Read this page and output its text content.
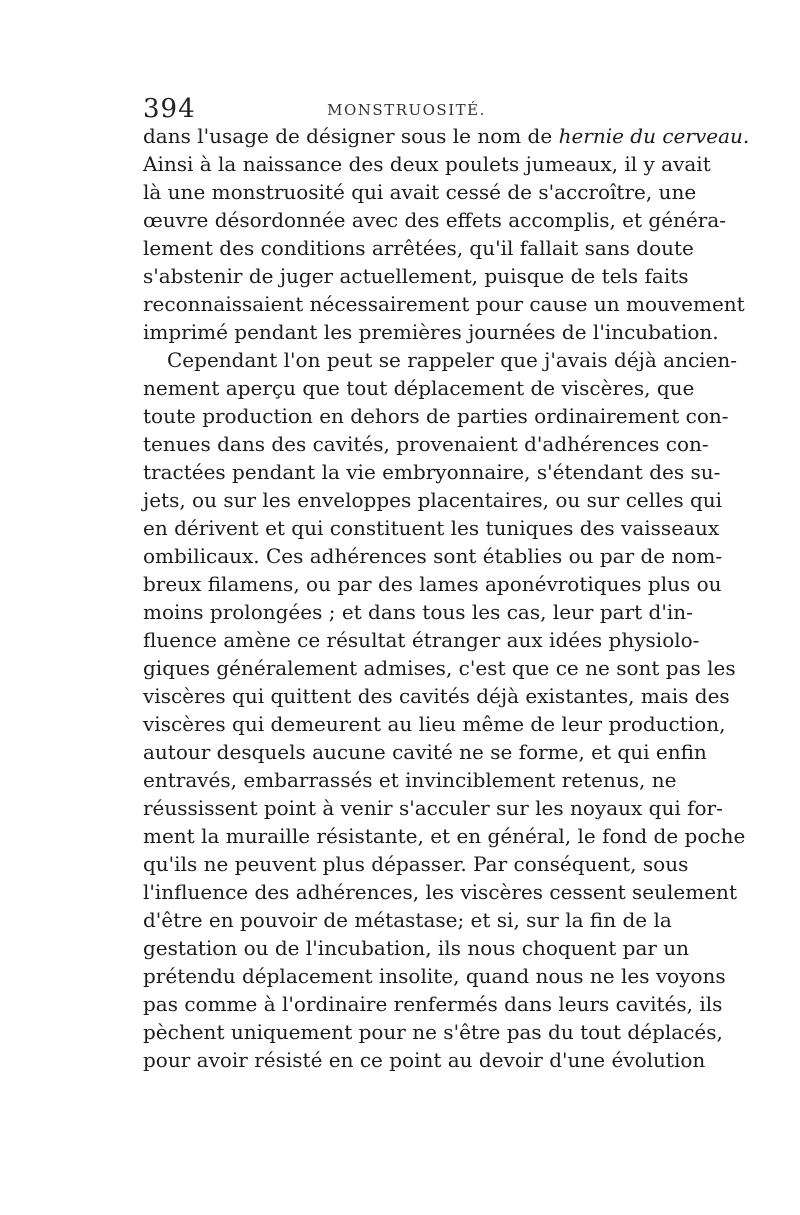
394	MONSTRUOSITÉ.
dans l'usage de désigner sous le nom de hernie du cerveau.
Ainsi à la naissance des deux poulets jumeaux, il y avait
là une monstruosité qui avait cessé de s'accroître, une
œuvre désordonnée avec des effets accomplis, et généra-
lement des conditions arrêtées, qu'il fallait sans doute
s'abstenir de juger actuellement, puisque de tels faits
reconnaissaient nécessairement pour cause un mouvement
imprimé pendant les premières journées de l'incubation.
Cependant l'on peut se rappeler que j'avais déjà ancien-
nement aperçu que tout déplacement de viscères, que
toute production en dehors de parties ordinairement con-
tenues dans des cavités, provenaient d'adhérences con-
tractées pendant la vie embryonnaire, s'étendant des su-
jets, ou sur les enveloppes placentaires, ou sur celles qui
en dérivent et qui constituent les tuniques des vaisseaux
ombilicaux. Ces adhérences sont établies ou par de nom-
breux filamens, ou par des lames aponévrotiques plus ou
moins prolongées ; et dans tous les cas, leur part d'in-
fluence amène ce résultat étranger aux idées physiolo-
giques généralement admises, c'est que ce ne sont pas les
viscères qui quittent des cavités déjà existantes, mais des
viscères qui demeurent au lieu même de leur production,
autour desquels aucune cavité ne se forme, et qui enfin
entravés, embarrassés et invinciblement retenus, ne
réussissent point à venir s'acculer sur les noyaux qui for-
ment la muraille résistante, et en général, le fond de poche
qu'ils ne peuvent plus dépasser. Par conséquent, sous
l'influence des adhérences, les viscères cessent seulement
d'être en pouvoir de métastase; et si, sur la fin de la
gestation ou de l'incubation, ils nous choquent par un
prétendu déplacement insolite, quand nous ne les voyons
pas comme à l'ordinaire renfermés dans leurs cavités, ils
pèchent uniquement pour ne s'être pas du tout déplacés,
pour avoir résisté en ce point au devoir d'une évolution
